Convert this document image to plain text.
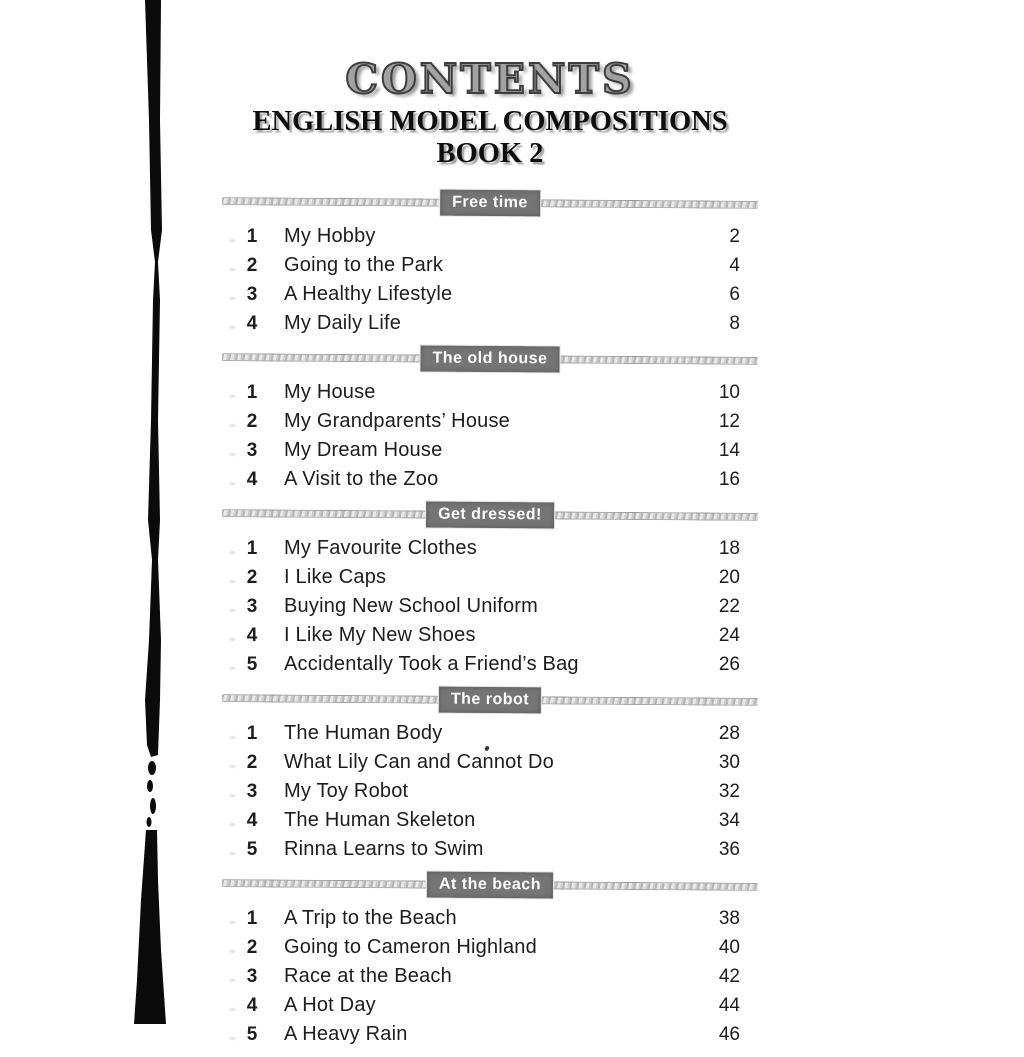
CONTENTS
ENGLISH MODEL COMPOSITIONS BOOK 2
Free time
1 My Hobby	2
2 Going to the Park	4
3 A Healthy Lifestyle	6
4 My Daily Life	8
The old house
1 My House	10
2 My Grandparents’ House	12
3 My Dream House	14
4 A Visit to the Zoo	16
Get dressed!
1 My Favourite Clothes	18
2 I Like Caps	20
3 Buying New School Uniform	22
4 I Like My New Shoes	24
5 Accidentally Took a Friend’s Bag	26
The robot
1 The Human Body	28
2 What Lily Can and Cannot Do	30
3 My Toy Robot	32
4 The Human Skeleton	34
5 Rinna Learns to Swim	36
At the beach
1 A Trip to the Beach	38
2 Going to Cameron Highland	40
3 Race at the Beach	42
4 A Hot Day	44
5 A Heavy Rain	46
